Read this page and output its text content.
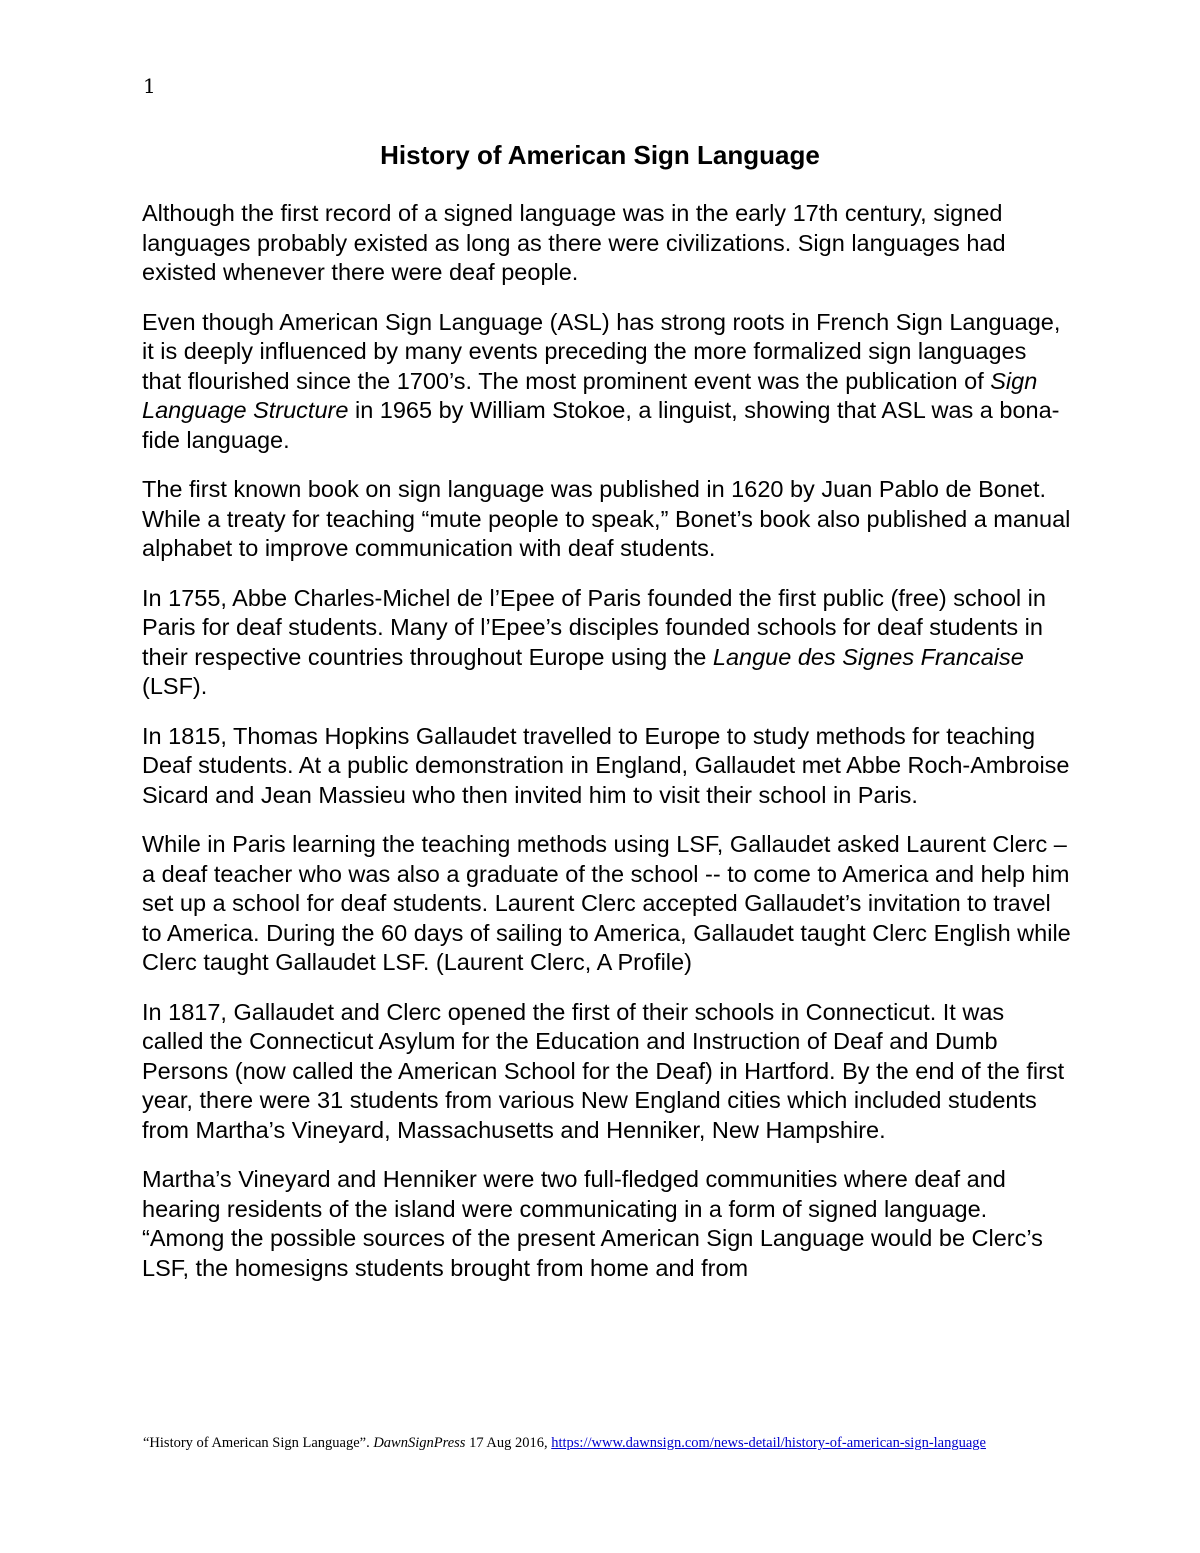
1
History of American Sign Language

Although the first record of a signed language was in the early 17th century, signed languages probably existed as long as there were civilizations. Sign languages had existed whenever there were deaf people.

Even though American Sign Language (ASL) has strong roots in French Sign Language, it is deeply influenced by many events preceding the more formalized sign languages that flourished since the 1700’s. The most prominent event was the publication of Sign Language Structure in 1965 by William Stokoe, a linguist, showing that ASL was a bona-fide language.

The first known book on sign language was published in 1620 by Juan Pablo de Bonet. While a treaty for teaching “mute people to speak,” Bonet’s book also published a manual alphabet to improve communication with deaf students.

In 1755, Abbe Charles-Michel de l’Epee of Paris founded the first public (free) school in Paris for deaf students. Many of l’Epee’s disciples founded schools for deaf students in their respective countries throughout Europe using the Langue des Signes Francaise (LSF).

In 1815, Thomas Hopkins Gallaudet travelled to Europe to study methods for teaching Deaf students. At a public demonstration in England, Gallaudet met Abbe Roch-Ambroise Sicard and Jean Massieu who then invited him to visit their school in Paris.

While in Paris learning the teaching methods using LSF, Gallaudet asked Laurent Clerc – a deaf teacher who was also a graduate of the school -- to come to America and help him set up a school for deaf students. Laurent Clerc accepted Gallaudet’s invitation to travel to America. During the 60 days of sailing to America, Gallaudet taught Clerc English while Clerc taught Gallaudet LSF. (Laurent Clerc, A Profile)

In 1817, Gallaudet and Clerc opened the first of their schools in Connecticut. It was called the Connecticut Asylum for the Education and Instruction of Deaf and Dumb Persons (now called the American School for the Deaf) in Hartford. By the end of the first year, there were 31 students from various New England cities which included students from Martha’s Vineyard, Massachusetts and Henniker, New Hampshire.

Martha’s Vineyard and Henniker were two full-fledged communities where deaf and hearing residents of the island were communicating in a form of signed language. “Among the possible sources of the present American Sign Language would be Clerc’s LSF, the homesigns students brought from home and from

“History of American Sign Language”. DawnSignPress 17 Aug 2016, https://www.dawnsign.com/news-detail/history-of-american-sign-language
